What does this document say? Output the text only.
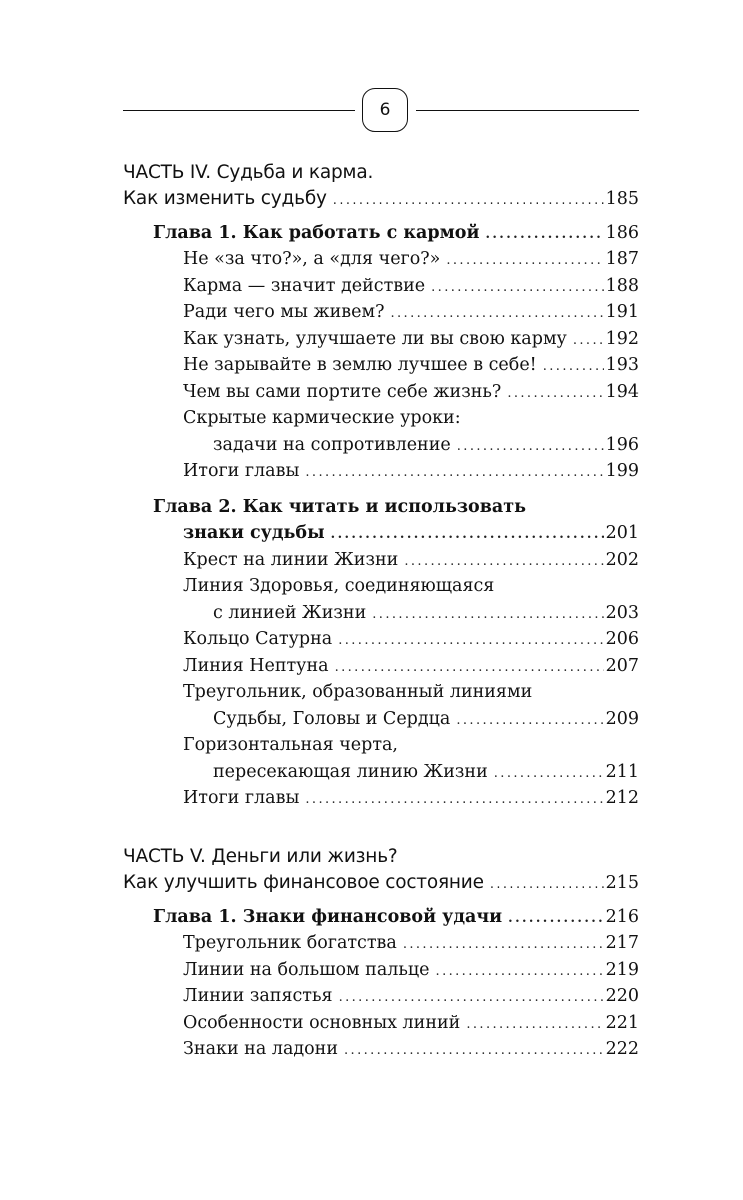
6
ЧАСТЬ IV. Судьба и карма.
Как изменить судьбу .....	185
Глава 1. Как работать с кармой .....	186
Не «за что?», а «для чего?» .....	187
Карма — значит действие .....	188
Ради чего мы живем? .....	191
Как узнать, улучшаете ли вы свою карму .....	192
Не зарывайте в землю лучшее в себе! .....	193
Чем вы сами портите себе жизнь? .....	194
Скрытые кармические уроки:
задачи на сопротивление .....	196
Итоги главы .....	199
Глава 2. Как читать и использовать
знаки судьбы .....	201
Крест на линии Жизни .....	202
Линия Здоровья, соединяющаяся
с линией Жизни .....	203
Кольцо Сатурна .....	206
Линия Нептуна .....	207
Треугольник, образованный линиями
Судьбы, Головы и Сердца .....	209
Горизонтальная черта,
пересекающая линию Жизни .....	211
Итоги главы .....	212
ЧАСТЬ V. Деньги или жизнь?
Как улучшить финансовое состояние .....	215
Глава 1. Знаки финансовой удачи .....	216
Треугольник богатства .....	217
Линии на большом пальце .....	219
Линии запястья .....	220
Особенности основных линий .....	221
Знаки на ладони .....	222
